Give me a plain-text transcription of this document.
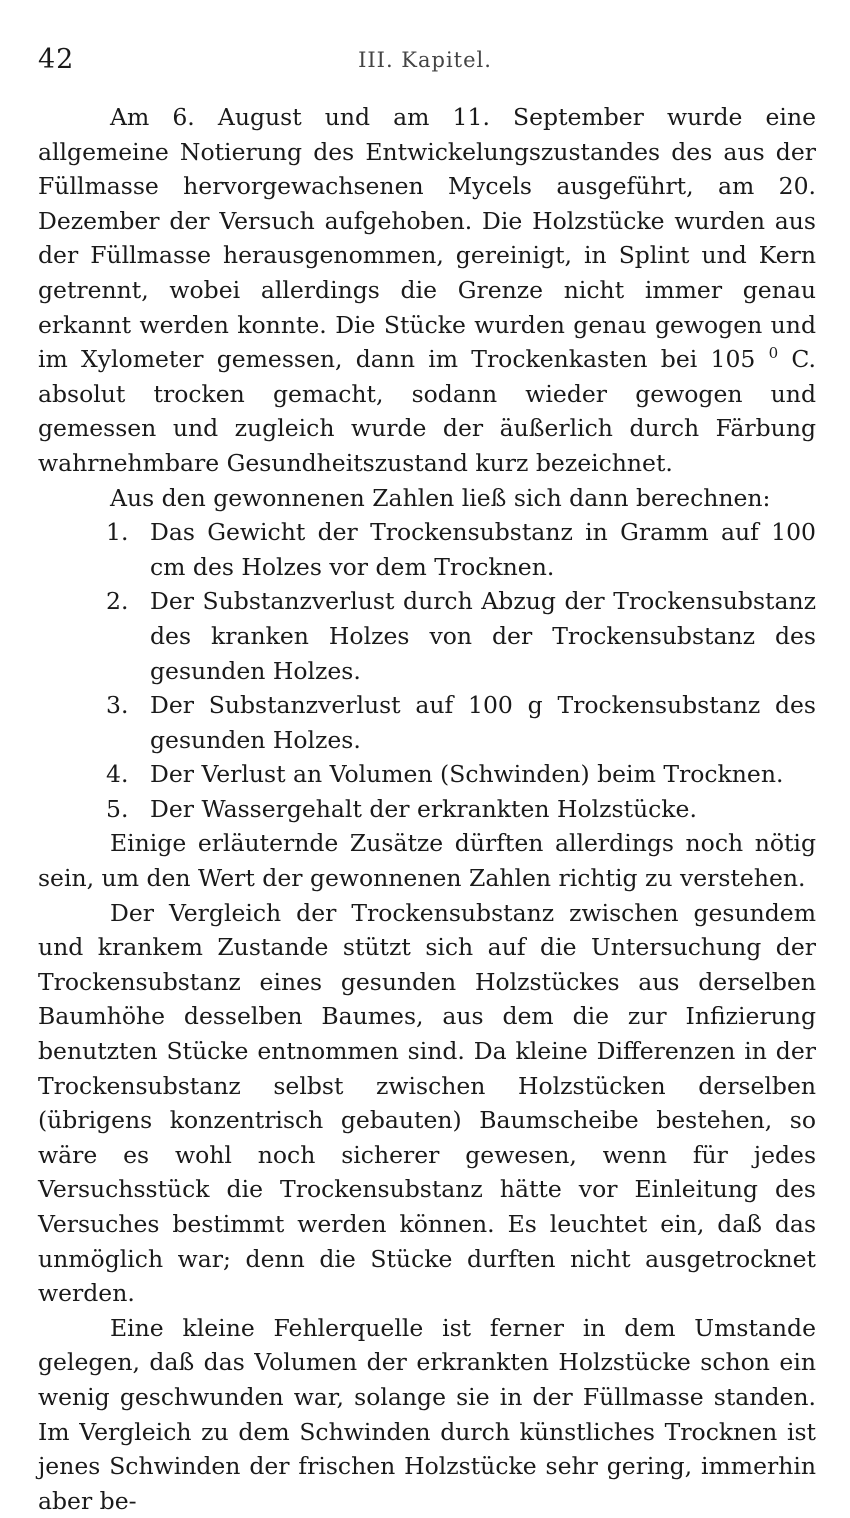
42	III. Kapitel.

Am 6. August und am 11. September wurde eine allgemeine Notierung des Entwickelungszustandes des aus der Füllmasse hervorgewachsenen Mycels ausgeführt, am 20. Dezember der Versuch aufgehoben. Die Holzstücke wurden aus der Füllmasse herausgenommen, gereinigt, in Splint und Kern getrennt, wobei allerdings die Grenze nicht immer genau erkannt werden konnte. Die Stücke wurden genau gewogen und im Xylometer gemessen, dann im Trockenkasten bei 105 $^0$ C. absolut trocken gemacht, sodann wieder gewogen und gemessen und zugleich wurde der äußerlich durch Färbung wahrnehmbare Gesundheitszustand kurz bezeichnet.

Aus den gewonnenen Zahlen ließ sich dann berechnen:

1. Das Gewicht der Trockensubstanz in Gramm auf 100 cm des Holzes vor dem Trocknen.
2. Der Substanzverlust durch Abzug der Trockensubstanz des kranken Holzes von der Trockensubstanz des gesunden Holzes.
3. Der Substanzverlust auf 100 g Trockensubstanz des gesunden Holzes.
4. Der Verlust an Volumen (Schwinden) beim Trocknen.
5. Der Wassergehalt der erkrankten Holzstücke.

Einige erläuternde Zusätze dürften allerdings noch nötig sein, um den Wert der gewonnenen Zahlen richtig zu verstehen.

Der Vergleich der Trockensubstanz zwischen gesundem und krankem Zustande stützt sich auf die Untersuchung der Trockensubstanz eines gesunden Holzstückes aus derselben Baumhöhe desselben Baumes, aus dem die zur Infizierung benutzten Stücke entnommen sind. Da kleine Differenzen in der Trockensubstanz selbst zwischen Holzstücken derselben (übrigens konzentrisch gebauten) Baumscheibe bestehen, so wäre es wohl noch sicherer gewesen, wenn für jedes Versuchsstück die Trockensubstanz hätte vor Einleitung des Versuches bestimmt werden können. Es leuchtet ein, daß das unmöglich war; denn die Stücke durften nicht ausgetrocknet werden.

Eine kleine Fehlerquelle ist ferner in dem Umstande gelegen, daß das Volumen der erkrankten Holzstücke schon ein wenig geschwunden war, solange sie in der Füllmasse standen. Im Vergleich zu dem Schwinden durch künstliches Trocknen ist jenes Schwinden der frischen Holzstücke sehr gering, immerhin aber be-
